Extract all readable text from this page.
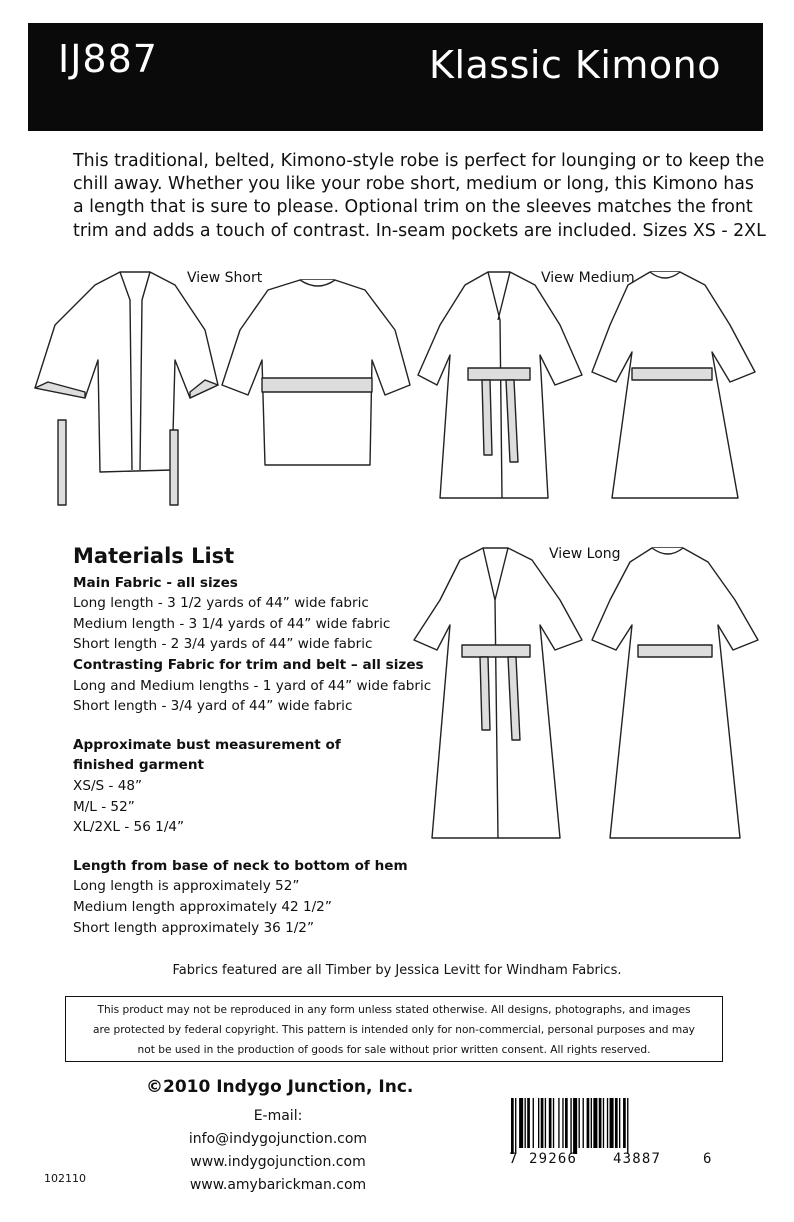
IJ887	Klassic Kimono

This traditional, belted, Kimono-style robe is perfect for lounging or to keep the
chill away. Whether you like your robe short, medium or long, this Kimono has
a length that is sure to please. Optional trim on the sleeves matches the front
trim and adds a touch of contrast. In-seam pockets are included. Sizes XS - 2XL

View Short	View Medium
View Long
Materials List
Main Fabric - all sizes
Long length - 3 1/2 yards of 44” wide fabric
Medium length - 3 1/4 yards of 44” wide fabric
Short length - 2 3/4 yards of 44” wide fabric
Contrasting Fabric for trim and belt – all sizes
Long and Medium lengths - 1 yard of 44” wide fabric
Short length - 3/4 yard of 44” wide fabric
Approximate bust measurement of
finished garment
XS/S - 48”
M/L - 52”
XL/2XL - 56 1/4”
Length from base of neck to bottom of hem
Long length is approximately 52”
Medium length approximately 42 1/2”
Short length approximately 36 1/2”
Fabrics featured are all Timber by Jessica Levitt for Windham Fabrics.
This product may not be reproduced in any form unless stated otherwise. All designs, photographs, and images
are protected by federal copyright. This pattern is intended only for non-commercial, personal purposes and may
not be used in the production of goods for sale without prior written consent. All rights reserved.
©2010 Indygo Junction, Inc.
E-mail: info@indygojunction.com
www.indygojunction.com
www.amybarickman.com
7 29266	43887	6
102110
